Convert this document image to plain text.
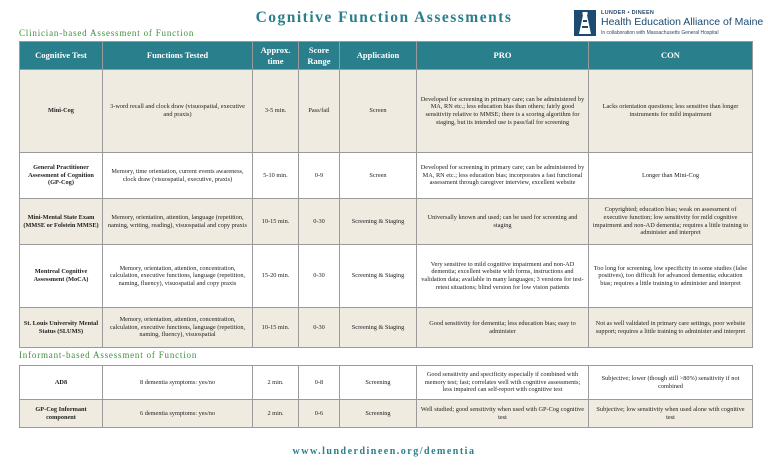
Cognitive Function Assessments	LUNDER • DINEEN
Health Education Alliance of Maine
In collaboration with Massachusetts General Hospital
Clinician-based Assessment of Function
Cognitive Test	Functions Tested	Approx. time	Score Range	Application	PRO	CON
Mini-Cog	3-word recall and clock draw (visuospatial, executive and praxis)	3-5 min.	Pass/fail	Screen	Developed for screening in primary care; can be administered by MA, RN etc.; less education bias than others; fairly good sensitivity relative to MMSE; there is a scoring algorithm for staging, but its intended use is pass/fail for screening	Lacks orientation questions; less sensitive than longer instruments for mild impairment
General Practitioner Assessment of Cognition (GP-Cog)	Memory, time orientation, current events awareness, clock draw (visuospatial, executive, praxis)	5-10 min.	0-9	Screen	Developed for screening in primary care; can be administered by MA, RN etc.; less education bias; incorporates a fast functional assessment through caregiver interview, excellent website	Longer than Mini-Cog
Mini-Mental State Exam (MMSE or Folstein MMSE)	Memory, orientation, attention, language (repetition, naming, writing, reading), visuospatial and copy praxis	10-15 min.	0-30	Screening & Staging	Universally known and used; can be used for screening and staging	Copyrighted; education bias; weak on assessment of executive function; low sensitivity for mild cognitive impairment and non-AD dementia; requires a little training to administer and interpret
Montreal Cognitive Assessment (MoCA)	Memory, orientation, attention, concentration, calculation, executive functions, language (repetition, naming, fluency), visuospatial and copy praxis	15-20 min.	0-30	Screening & Staging	Very sensitive to mild cognitive impairment and non-AD dementia; excellent website with forms, instructions and validation data; available in many languages; 3 versions for test-retest situations; blind version for low vision patients	Too long for screening, low specificity in some studies (false positives), too difficult for advanced dementia; education bias; requires a little training to administer and interpret
St. Louis University Mental Status (SLUMS)	Memory, orientation, attention, concentration, calculation, executive functions, language (repetition, naming, fluency), visuospatial	10-15 min.	0-30	Screening & Staging	Good sensitivity for dementia; less education bias; easy to administer	Not as well validated in primary care settings, poor website support; requires a little training to administer and interpret
Informant-based Assessment of Function
AD8	8 dementia symptoms: yes/no	2 min.	0-8	Screening	Good sensitivity and specificity especially if combined with memory test; fast; correlates well with cognitive assessments; less impaired can self-report with cognitive test	Subjective; lower (though still >80%) sensitivity if not combined
GP-Cog Informant component	6 dementia symptoms: yes/no	2 min.	0-6	Screening	Well studied; good sensitivity when used with GP-Cog cognitive test	Subjective; low sensitivity when used alone with cognitive test
www.lunderdineen.org/dementia
